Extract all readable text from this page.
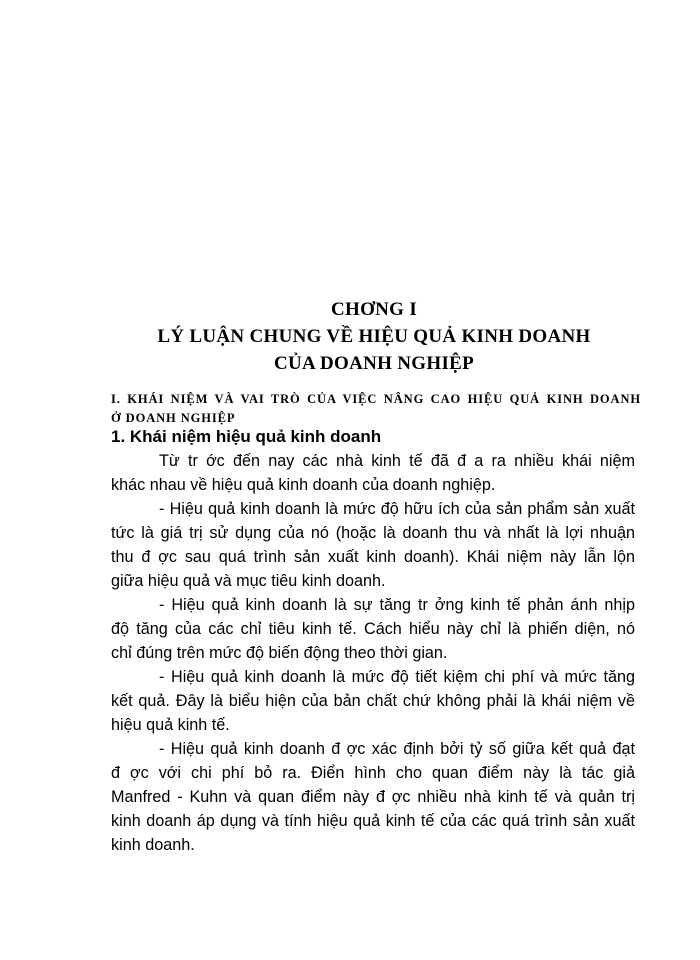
CHƠNG I
LÝ LUẬN CHUNG VỀ HIỆU QUẢ KINH DOANH
CỦA DOANH NGHIỆP
I. KHÁI NIỆM VÀ VAI TRÒ CỦA VIỆC NÂNG CAO HIỆU QUẢ KINH DOANH
Ở DOANH NGHIỆP
1. Khái niệm hiệu quả kinh doanh
Từ tr ớc đến nay các nhà kinh tế đã đ a ra nhiều khái niệm
khác nhau về hiệu quả kinh doanh của doanh nghiệp.
- Hiệu quả kinh doanh là mức độ hữu ích của sản phẩm sản xuất
tức là giá trị sử dụng của nó (hoặc là doanh thu và nhất là lợi nhuận
thu đ ợc sau quá trình sản xuất kinh doanh). Khái niệm này lẫn lộn
giữa hiệu quả và mục tiêu kinh doanh.
- Hiệu quả kinh doanh là sự tăng tr ởng kinh tế phản ánh nhịp
độ tăng của các chỉ tiêu kinh tế. Cách hiểu này chỉ là phiến diện, nó
chỉ đúng trên mức độ biến động theo thời gian.
- Hiệu quả kinh doanh là mức độ tiết kiệm chi phí và mức tăng
kết quả. Đây là biểu hiện của bản chất chứ không phải là khái niệm về
hiệu quả kinh tế.
- Hiệu quả kinh doanh đ ợc xác định bởi tỷ số giữa kết quả đạt
đ ợc với chi phí bỏ ra. Điển hình cho quan điểm này là tác giả
Manfred - Kuhn và quan điểm này đ ợc nhiều nhà kinh tế và quản trị
kinh doanh áp dụng và tính hiệu quả kinh tế của các quá trình sản xuất
kinh doanh.
